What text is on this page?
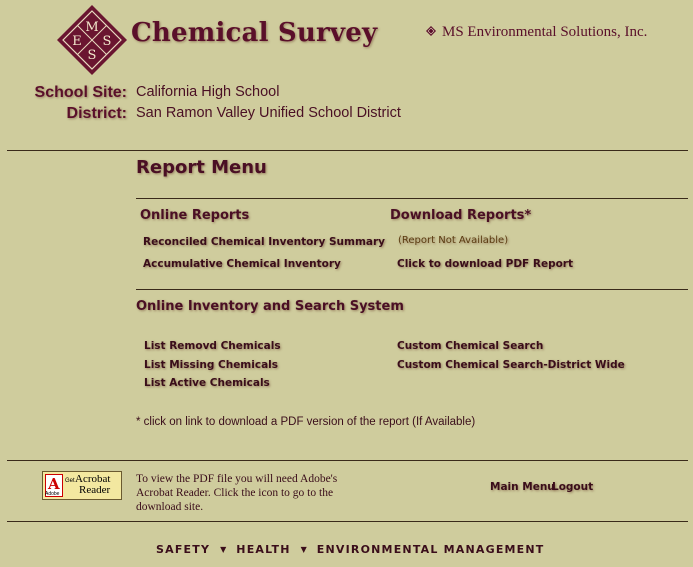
M
S
E
S
Chemical Survey	MS Environmental Solutions, Inc.
School Site: California High School
District: San Ramon Valley Unified School District
Report Menu
Online Reports	Download Reports*
Reconciled Chemical Inventory Summary
Accumulative Chemical Inventory
(Report Not Available)
Click to download PDF Report
Online Inventory and Search System
List Removd Chemicals
List Missing Chemicals
List Active Chemicals
Custom Chemical Search
Custom Chemical Search-District Wide
* click on link to download a PDF version of the report (If Available)
A
Adobe
Get Acrobat
Reader
To view the PDF file you will need Adobe's Acrobat Reader. Click the icon to go to the download site.
Main Menu
Logout
SAFETY ▼ HEALTH ▼ ENVIRONMENTAL MANAGEMENT
